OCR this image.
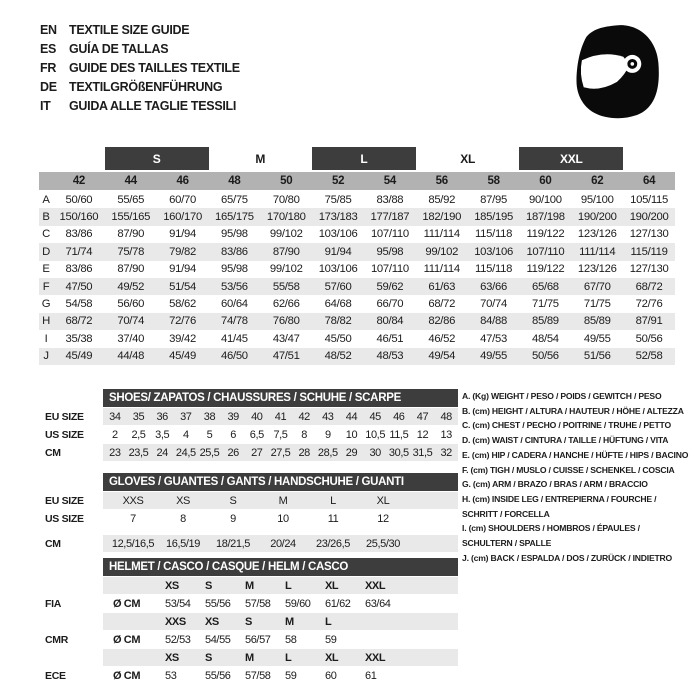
EN TEXTILE SIZE GUIDE
ES	GUÍA DE TALLAS
FR	GUIDE DES TAILLES TEXTILE
DE TEXTILGRÖßENFÜHRUNG
IT	GUIDA ALLE TAGLIE TESSILI
S	M	L	XL	XXL
42	44	46	48	50	52	54	56	58	60	62	64
A	50/60	55/65	60/70	65/75	70/80	75/85	83/88	85/92	87/95	90/100	95/100	105/115
B 150/160	155/165	160/170	165/175	170/180	173/183	177/187	182/190	185/195	187/198	190/200	190/200
C	83/86	87/90	91/94	95/98	99/102	103/106	107/110	111/114	115/118	119/122	123/126	127/130
D	71/74	75/78	79/82	83/86	87/90	91/94	95/98	99/102	103/106	107/110	111/114	115/119
E	83/86	87/90	91/94	95/98	99/102	103/106	107/110	111/114	115/118	119/122	123/126	127/130
F	47/50	49/52	51/54	53/56	55/58	57/60	59/62	61/63	63/66	65/68	67/70	68/72
G	54/58	56/60	58/62	60/64	62/66	64/68	66/70	68/72	70/74	71/75	71/75	72/76
H	68/72	70/74	72/76	74/78	76/80	78/82	80/84	82/86	84/88	85/89	85/89	87/91
I	35/38	37/40	39/42	41/45	43/47	45/50	46/51	46/52	47/53	48/54	49/55	50/56
J	45/49	44/48	45/49	46/50	47/51	48/52	48/53	49/54	49/55	50/56	51/56	52/58
SHOES/ ZAPATOS / CHAUSSURES / SCHUHE / SCARPE
EU SIZE	34	35	36	37	38	39	40	41	42	43	44	45	46	47	48
US SIZE	2	2,5 3,5	4	5	6	6,5 7,5	8	9	10 10,5 11,5 12	13
CM	23 23,5 24 24,5 25,5 26	27 27,5 28 28,5 29	30 30,5 31,5 32
GLOVES / GUANTES / GANTS / HANDSCHUHE / GUANTI
EU SIZE	XXS	XS	S	M	L	XL
US SIZE	7	8	9	10	11	12
CM	12,5/16,5	16,5/19	18/21,5	20/24	23/26,5	25,5/30
HELMET / CASCO / CASQUE / HELM / CASCO
XS	S	M	L	XL	XXL
FIA	Ø CM	53/54	55/56	57/58	59/60	61/62	63/64
XXS	XS	S	M	L
CMR	Ø CM	52/53	54/55	56/57	58	59
XS	S	M	L	XL	XXL
ECE	Ø CM	53	55/56	57/58	59	60	61
A. (Kg) WEIGHT / PESO / POIDS / GEWITCH / PESO
B. (cm) HEIGHT / ALTURA / HAUTEUR / HÖHE / ALTEZZA
C. (cm) CHEST / PECHO / POITRINE / TRUHE / PETTO
D. (cm) WAIST / CINTURA / TAILLE / HÜFTUNG / VITA
E. (cm) HIP / CADERA / HANCHE / HÜFTE / HIPS / BACINO
F. (cm) TIGH / MUSLO / CUISSE / SCHENKEL / COSCIA
G. (cm) ARM / BRAZO / BRAS / ARM / BRACCIO
H. (cm) INSIDE LEG / ENTREPIERNA / FOURCHE /
SCHRITT / FORCELLA
I. (cm) SHOULDERS / HOMBROS / ÉPAULES /
SCHULTERN / SPALLE
J. (cm) BACK / ESPALDA / DOS / ZURÜCK / INDIETRO
